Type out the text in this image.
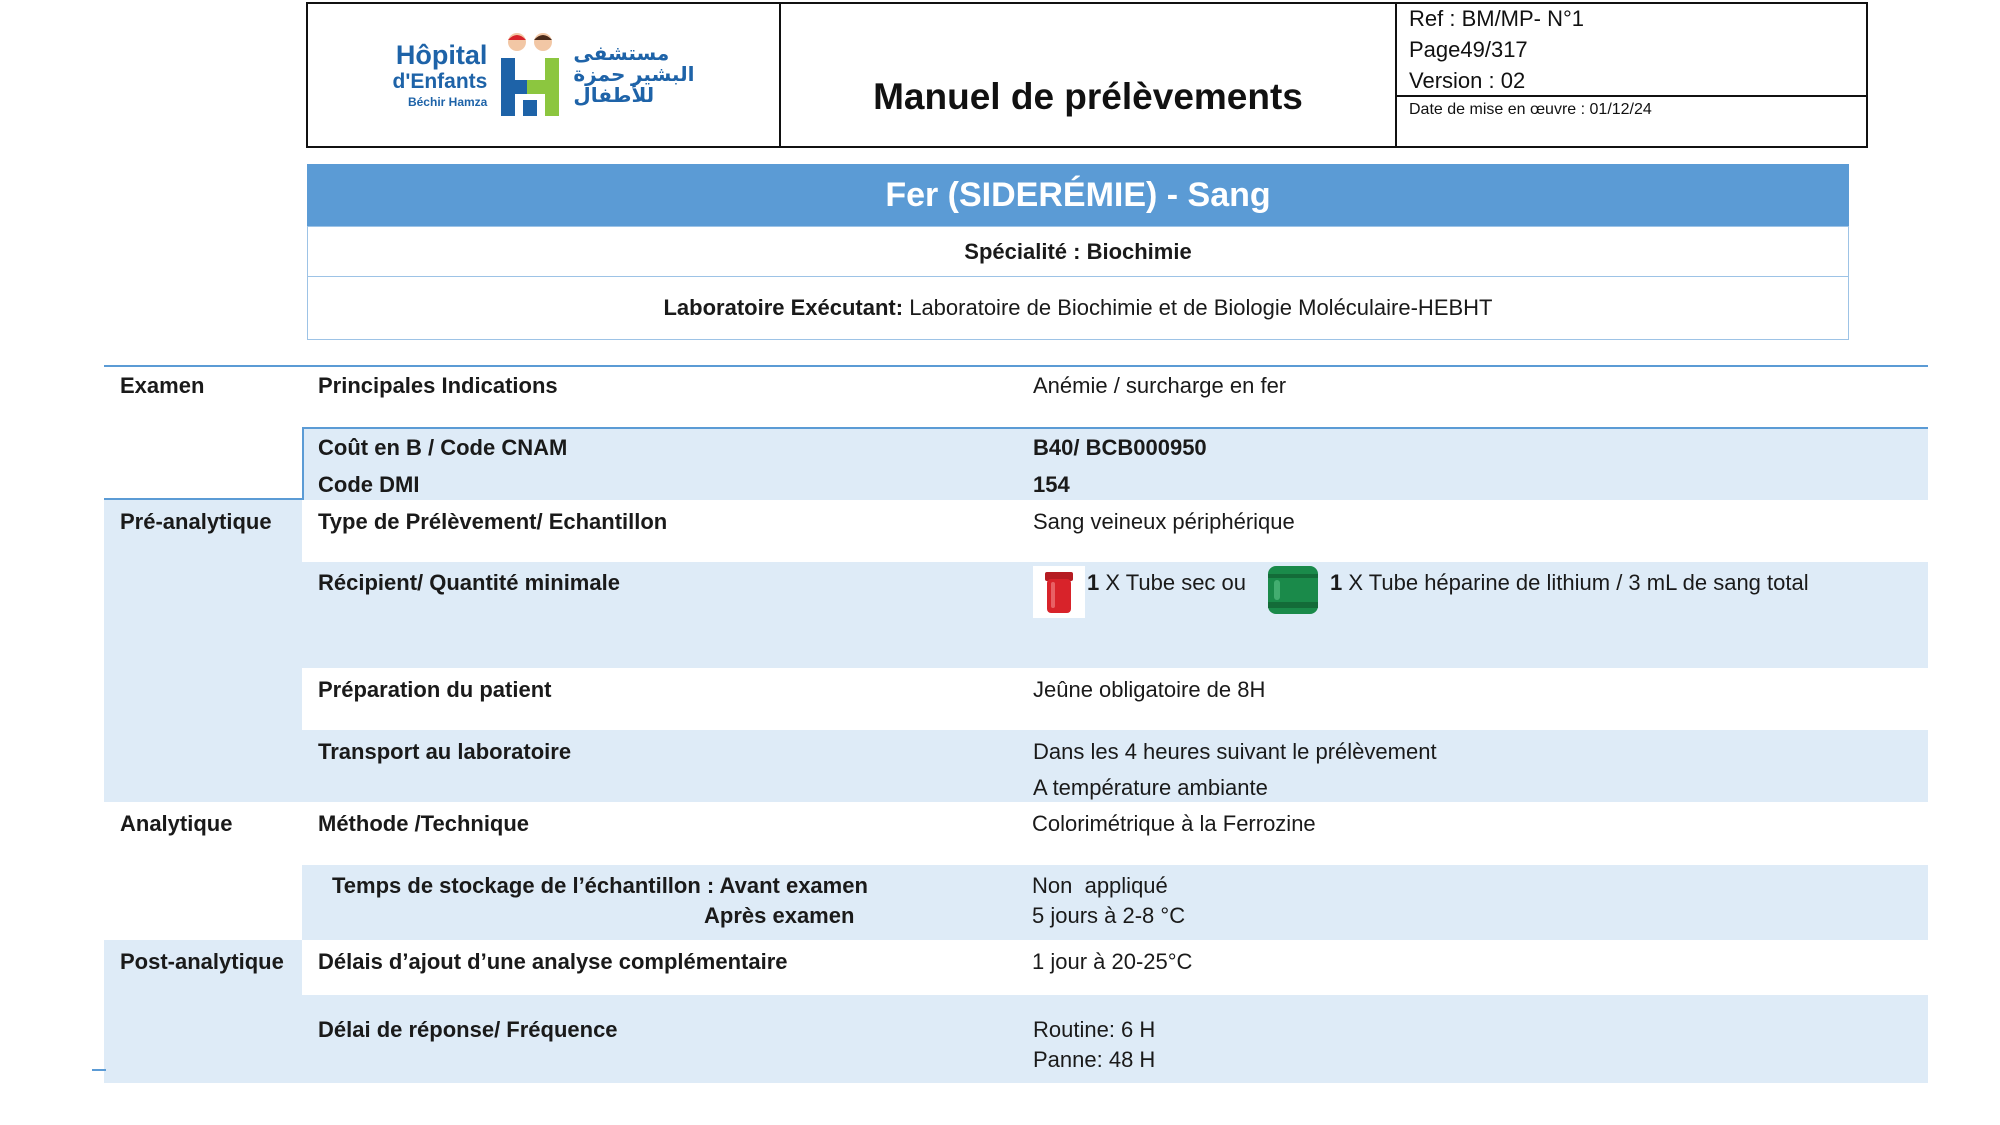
Hôpital
d'Enfants
Béchir Hamza
مستشفى
البشير حمزة
للأطفال	Manuel de prélèvements
Ref : BM/MP- N°1
Page49/317
Version : 02
Date de mise en œuvre : 01/12/24
Fer (SIDERÉMIE) - Sang
Spécialité : Biochimie
Laboratoire Exécutant: Laboratoire de Biochimie et de Biologie Moléculaire-HEBHT
Examen
Pré-analytique
Analytique
Post-analytique
Principales Indications
Coût en B / Code CNAM
Code DMI
Type de Prélèvement/ Echantillon
Récipient/ Quantité minimale
Préparation du patient
Transport au laboratoire
Méthode /Technique
Temps de stockage de l’échantillon : Avant examen
Après examen
Délais d’ajout d’une analyse complémentaire
Délai de réponse/ Fréquence
Anémie / surcharge en fer
B40/ BCB000950
154
Sang veineux périphérique
1 X Tube sec ou	1 X Tube héparine de lithium / 3 mL de sang total
Jeûne obligatoire de 8H
Dans les 4 heures suivant le prélèvement
A température ambiante
Colorimétrique à la Ferrozine
Non  appliqué
5 jours à 2-8 °C
1 jour à 20-25°C
Routine: 6 H
Panne: 48 H
